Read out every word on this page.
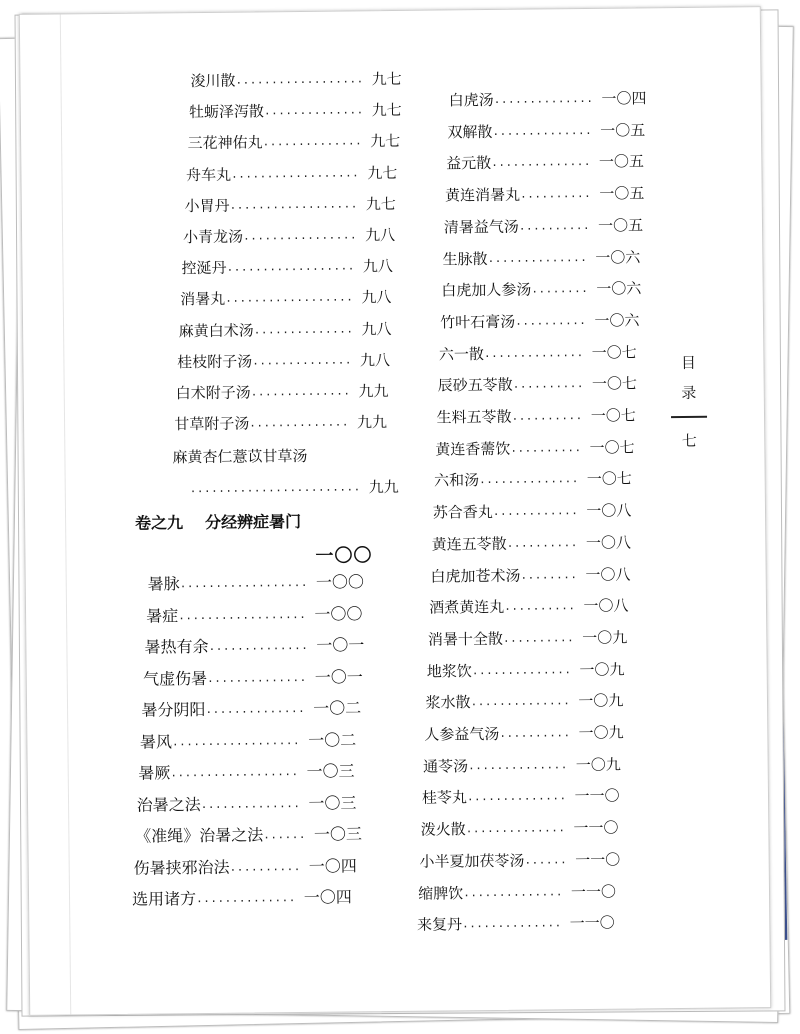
目
录
七
浚川散..................九七
牡蛎泽泻散..............九七
三花神佑丸..............九七
舟车丸..................九七
小胃丹..................九七
小青龙汤................九八
控涎丹..................九八
消暑丸..................九八
麻黄白术汤..............九八
桂枝附子汤..............九八
白术附子汤..............九九
甘草附子汤..............九九
麻黄杏仁薏苡甘草汤
........................九九
卷之九 分经辨症暑门
一〇〇
暑脉..................一〇〇
暑症..................一〇〇
暑热有余..............一〇一
气虚伤暑..............一〇一
暑分阴阳..............一〇二
暑风..................一〇二
暑厥..................一〇三
治暑之法..............一〇三
《准绳》治暑之法......一〇三
伤暑挟邪治法..........一〇四
选用诸方..............一〇四
白虎汤..............一〇四
双解散..............一〇五
益元散..............一〇五
黄连消暑丸..........一〇五
清暑益气汤..........一〇五
生脉散..............一〇六
白虎加人参汤........一〇六
竹叶石膏汤..........一〇六
六一散..............一〇七
辰砂五苓散..........一〇七
生料五苓散..........一〇七
黄连香薷饮..........一〇七
六和汤..............一〇七
苏合香丸............一〇八
黄连五苓散..........一〇八
白虎加苍术汤........一〇八
酒煮黄连丸..........一〇八
消暑十全散..........一〇九
地浆饮..............一〇九
浆水散..............一〇九
人参益气汤..........一〇九
通苓汤..............一〇九
桂苓丸..............一一〇
泼火散..............一一〇
小半夏加茯苓汤......一一〇
缩脾饮..............一一〇
来复丹..............一一〇
